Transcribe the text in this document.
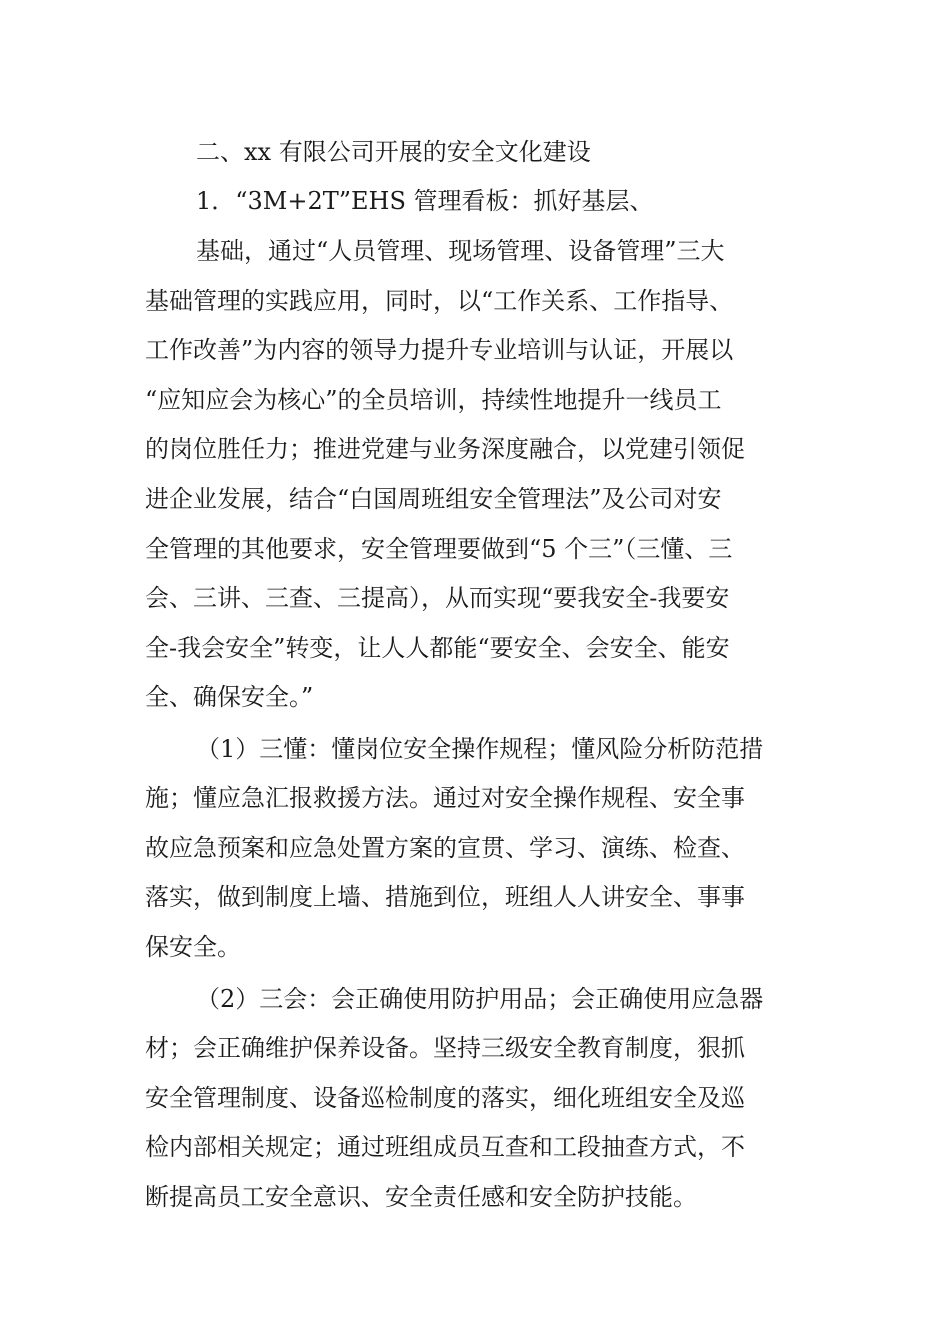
二、xx 有限公司开展的安全文化建设
1．“3M+2T”EHS 管理看板：抓好基层、
基础，通过“人员管理、现场管理、设备管理”三大
基础管理的实践应用，同时，以“工作关系、工作指导、
工作改善”为内容的领导力提升专业培训与认证，开展以
“应知应会为核心”的全员培训，持续性地提升一线员工
的岗位胜任力；推进党建与业务深度融合，以党建引领促
进企业发展，结合“白国周班组安全管理法”及公司对安
全管理的其他要求，安全管理要做到“5 个三”（三懂、三
会、三讲、三查、三提高），从而实现“要我安全-我要安
全-我会安全”转变，让人人都能“要安全、会安全、能安
全、确保安全。”
（1）三懂：懂岗位安全操作规程；懂风险分析防范措
施；懂应急汇报救援方法。通过对安全操作规程、安全事
故应急预案和应急处置方案的宣贯、学习、演练、检查、
落实，做到制度上墙、措施到位，班组人人讲安全、事事
保安全。
（2）三会：会正确使用防护用品；会正确使用应急器
材；会正确维护保养设备。坚持三级安全教育制度，狠抓
安全管理制度、设备巡检制度的落实，细化班组安全及巡
检内部相关规定；通过班组成员互查和工段抽查方式，不
断提高员工安全意识、安全责任感和安全防护技能。
